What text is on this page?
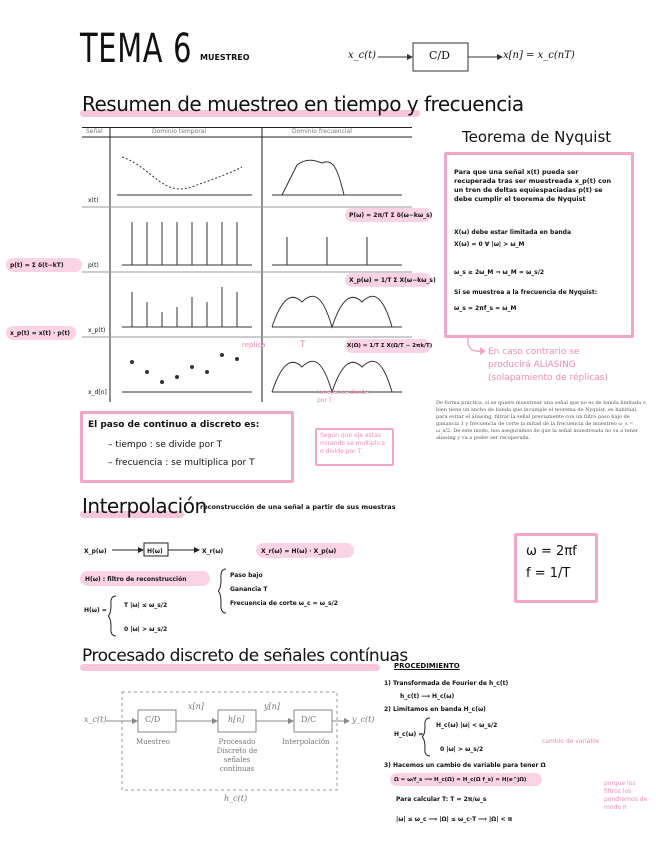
TEMA 6 MUESTREO	x_c(t)	C/D	x[n] = x_c(nT)
Resumen de muestreo en tiempo y frecuencia
Señal	Dominio temporal	Dominio frecuencial
x(t)
p(t)
x_p(t)
x_d[n]
replica	T
los ejes se dividen por T
p(t) = Σ δ(t−kT)
x_p(t) = x(t) · p(t)
P(ω) = 2π/T Σ δ(ω−kω_s)
X_p(ω) = 1/T Σ X(ω−kω_s)
X(Ω) = 1/T Σ X(Ω/T − 2πk/T)
El paso de continuo a discreto es:
– tiempo : se divide por T
– frecuencia : se multiplica por T
Según que eje estas mirando se multiplica o divide por T
Teorema de Nyquist
Para que una señal x(t) pueda ser recuperada tras ser muestreada x_p(t) con un tren de deltas equiespaciadas p(t) se debe cumplir el teorema de Nyquist
X(ω) debe estar limitada en banda
X(ω) = 0 ∀ |ω| > ω_M
ω_s ≥ 2ω_M ⇒ ω_M = ω_s/2
Si se muestrea a la frecuencia de Nyquist:
ω_s = 2πf_s = ω_M
En caso contrario se producirá ALIASING (solapamiento de réplicas)
De forma práctica, si se quiere muestrear una señal que no es de banda limitada o bien tiene un ancho de banda que incumple el teorema de Nyquist, es habitual, para evitar el aliasing, filtrar la señal previamente con un filtro paso bajo de ganancia 1 y frecuencia de corte la mitad de la frecuencia de muestreo ω_s = ω_s/2. De este modo, nos aseguramos de que la señal muestreada no va a tener aliasing y va a poder ser recuperada.
Interpolación
reconstrucción de una señal a partir de sus muestras
X_p(ω)	H(ω)	X_r(ω)	X_r(ω) = H(ω) · X_p(ω)
H(ω) : filtro de reconstrucción
Paso bajo
Ganancia T
Frecuencia de corte ω_c = ω_s/2
H(ω) =
T |ω| ≤ ω_s/2
0 |ω| > ω_s/2
ω = 2πf
f = 1/T
Procesado discreto de señales contínuas
x_c(t)
x[n]	y[n]
y_c(t)
C/D	h[n]	D/C
Muestreo	Procesado Discreto de señales contínuas
Interpolación
h_c(t)
PROCEDIMIENTO
1) Transformada de Fourier de h_c(t)
h_c(t) ⟶ H_c(ω)
2) Limitamos en banda H_c(ω)
H_c(ω) =
H_c(ω) |ω| < ω_s/2
0 |ω| > ω_s/2
3) Hacemos un cambio de variable para tener Ω
Ω = ω/f_s ⟹ H_c(Ω) = H_c(Ω f_s) = H(e^jΩ)
Para calcular T: T = 2π/ω_s
|ω| ≤ ω_c ⟹ |Ω| ≤ ω_c·T ⟹ |Ω| < π
cambio de variable
porque los filtros los pondremos de modo π
